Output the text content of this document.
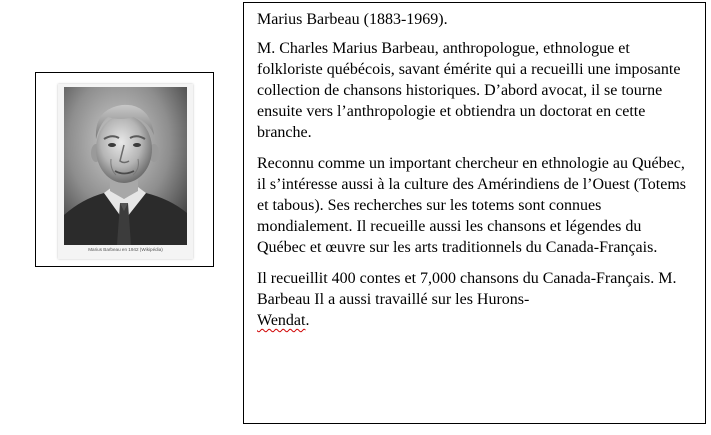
Marius Barbeau en 1942 (Wikipédia)

Marius Barbeau (1883-1969).

M. Charles Marius Barbeau, anthropologue, ethnologue et folkloriste québécois, savant émérite qui a recueilli une imposante collection de chansons historiques. D’abord avocat, il se tourne ensuite vers l’anthropologie et obtiendra un doctorat en cette branche.

Reconnu comme un important chercheur en ethnologie au Québec, il s’intéresse aussi à la culture des Amérindiens de l’Ouest (Totems et tabous). Ses recherches sur les totems sont connues mondialement. Il recueille aussi les chansons et légendes du Québec et œuvre sur les arts traditionnels du Canada-Français.

Il recueillit 400 contes et 7,000 chansons du Canada-Français. M. Barbeau Il a aussi travaillé sur les Hurons-
Wendat.
